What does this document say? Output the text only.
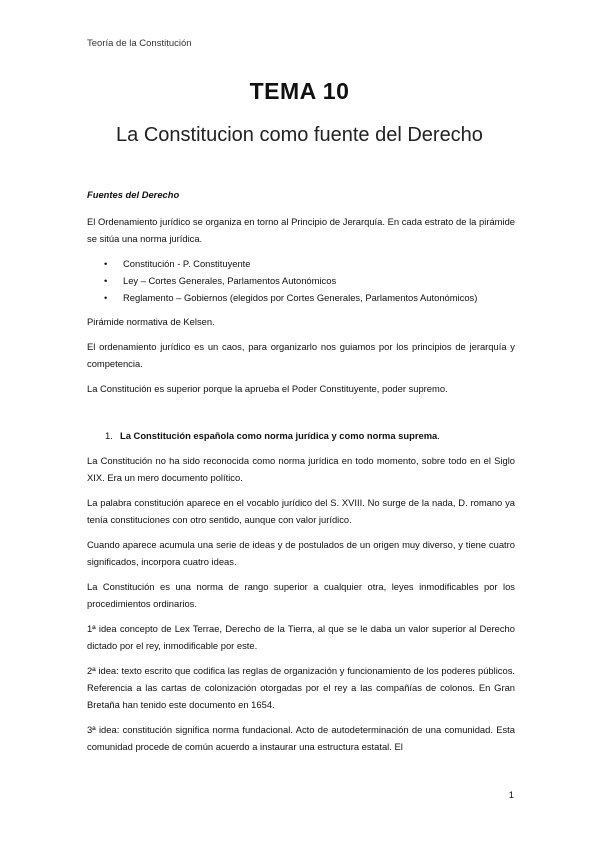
Teoría de la Constitución
TEMA 10
La Constitucion como fuente del Derecho

Fuentes del Derecho

El Ordenamiento jurídico se organiza en torno al Principio de Jerarquía. En cada estrato de la pirámide se sitúa una norma jurídica.

• Constitución - P. Constituyente
• Ley – Cortes Generales, Parlamentos Autonómicos
• Reglamento – Gobiernos (elegidos por Cortes Generales, Parlamentos Autonómicos)

Pirámide normativa de Kelsen.

El ordenamiento jurídico es un caos, para organizarlo nos guiamos por los principios de jerarquía y competencia.

La Constitución es superior porque la aprueba el Poder Constituyente, poder supremo.

1. La Constitución española como norma jurídica y como norma suprema.

La Constitución no ha sido reconocida como norma jurídica en todo momento, sobre todo en el Siglo XIX. Era un mero documento político.

La palabra constitución aparece en el vocablo jurídico del S. XVIII. No surge de la nada, D. romano ya tenía constituciones con otro sentido, aunque con valor jurídico.

Cuando aparece acumula una serie de ideas y de postulados de un origen muy diverso, y tiene cuatro significados, incorpora cuatro ideas.

La Constitución es una norma de rango superior a cualquier otra, leyes inmodificables por los procedimientos ordinarios.

1ª idea concepto de Lex Terrae, Derecho de la Tierra, al que se le daba un valor superior al Derecho dictado por el rey, inmodificable por este.

2ª idea: texto escrito que codifica las reglas de organización y funcionamiento de los poderes públicos. Referencia a las cartas de colonización otorgadas por el rey a las compañías de colonos. En Gran Bretaña han tenido este documento en 1654.

3ª idea: constitución significa norma fundacional. Acto de autodeterminación de una comunidad. Esta comunidad procede de común acuerdo a instaurar una estructura estatal. El

1
